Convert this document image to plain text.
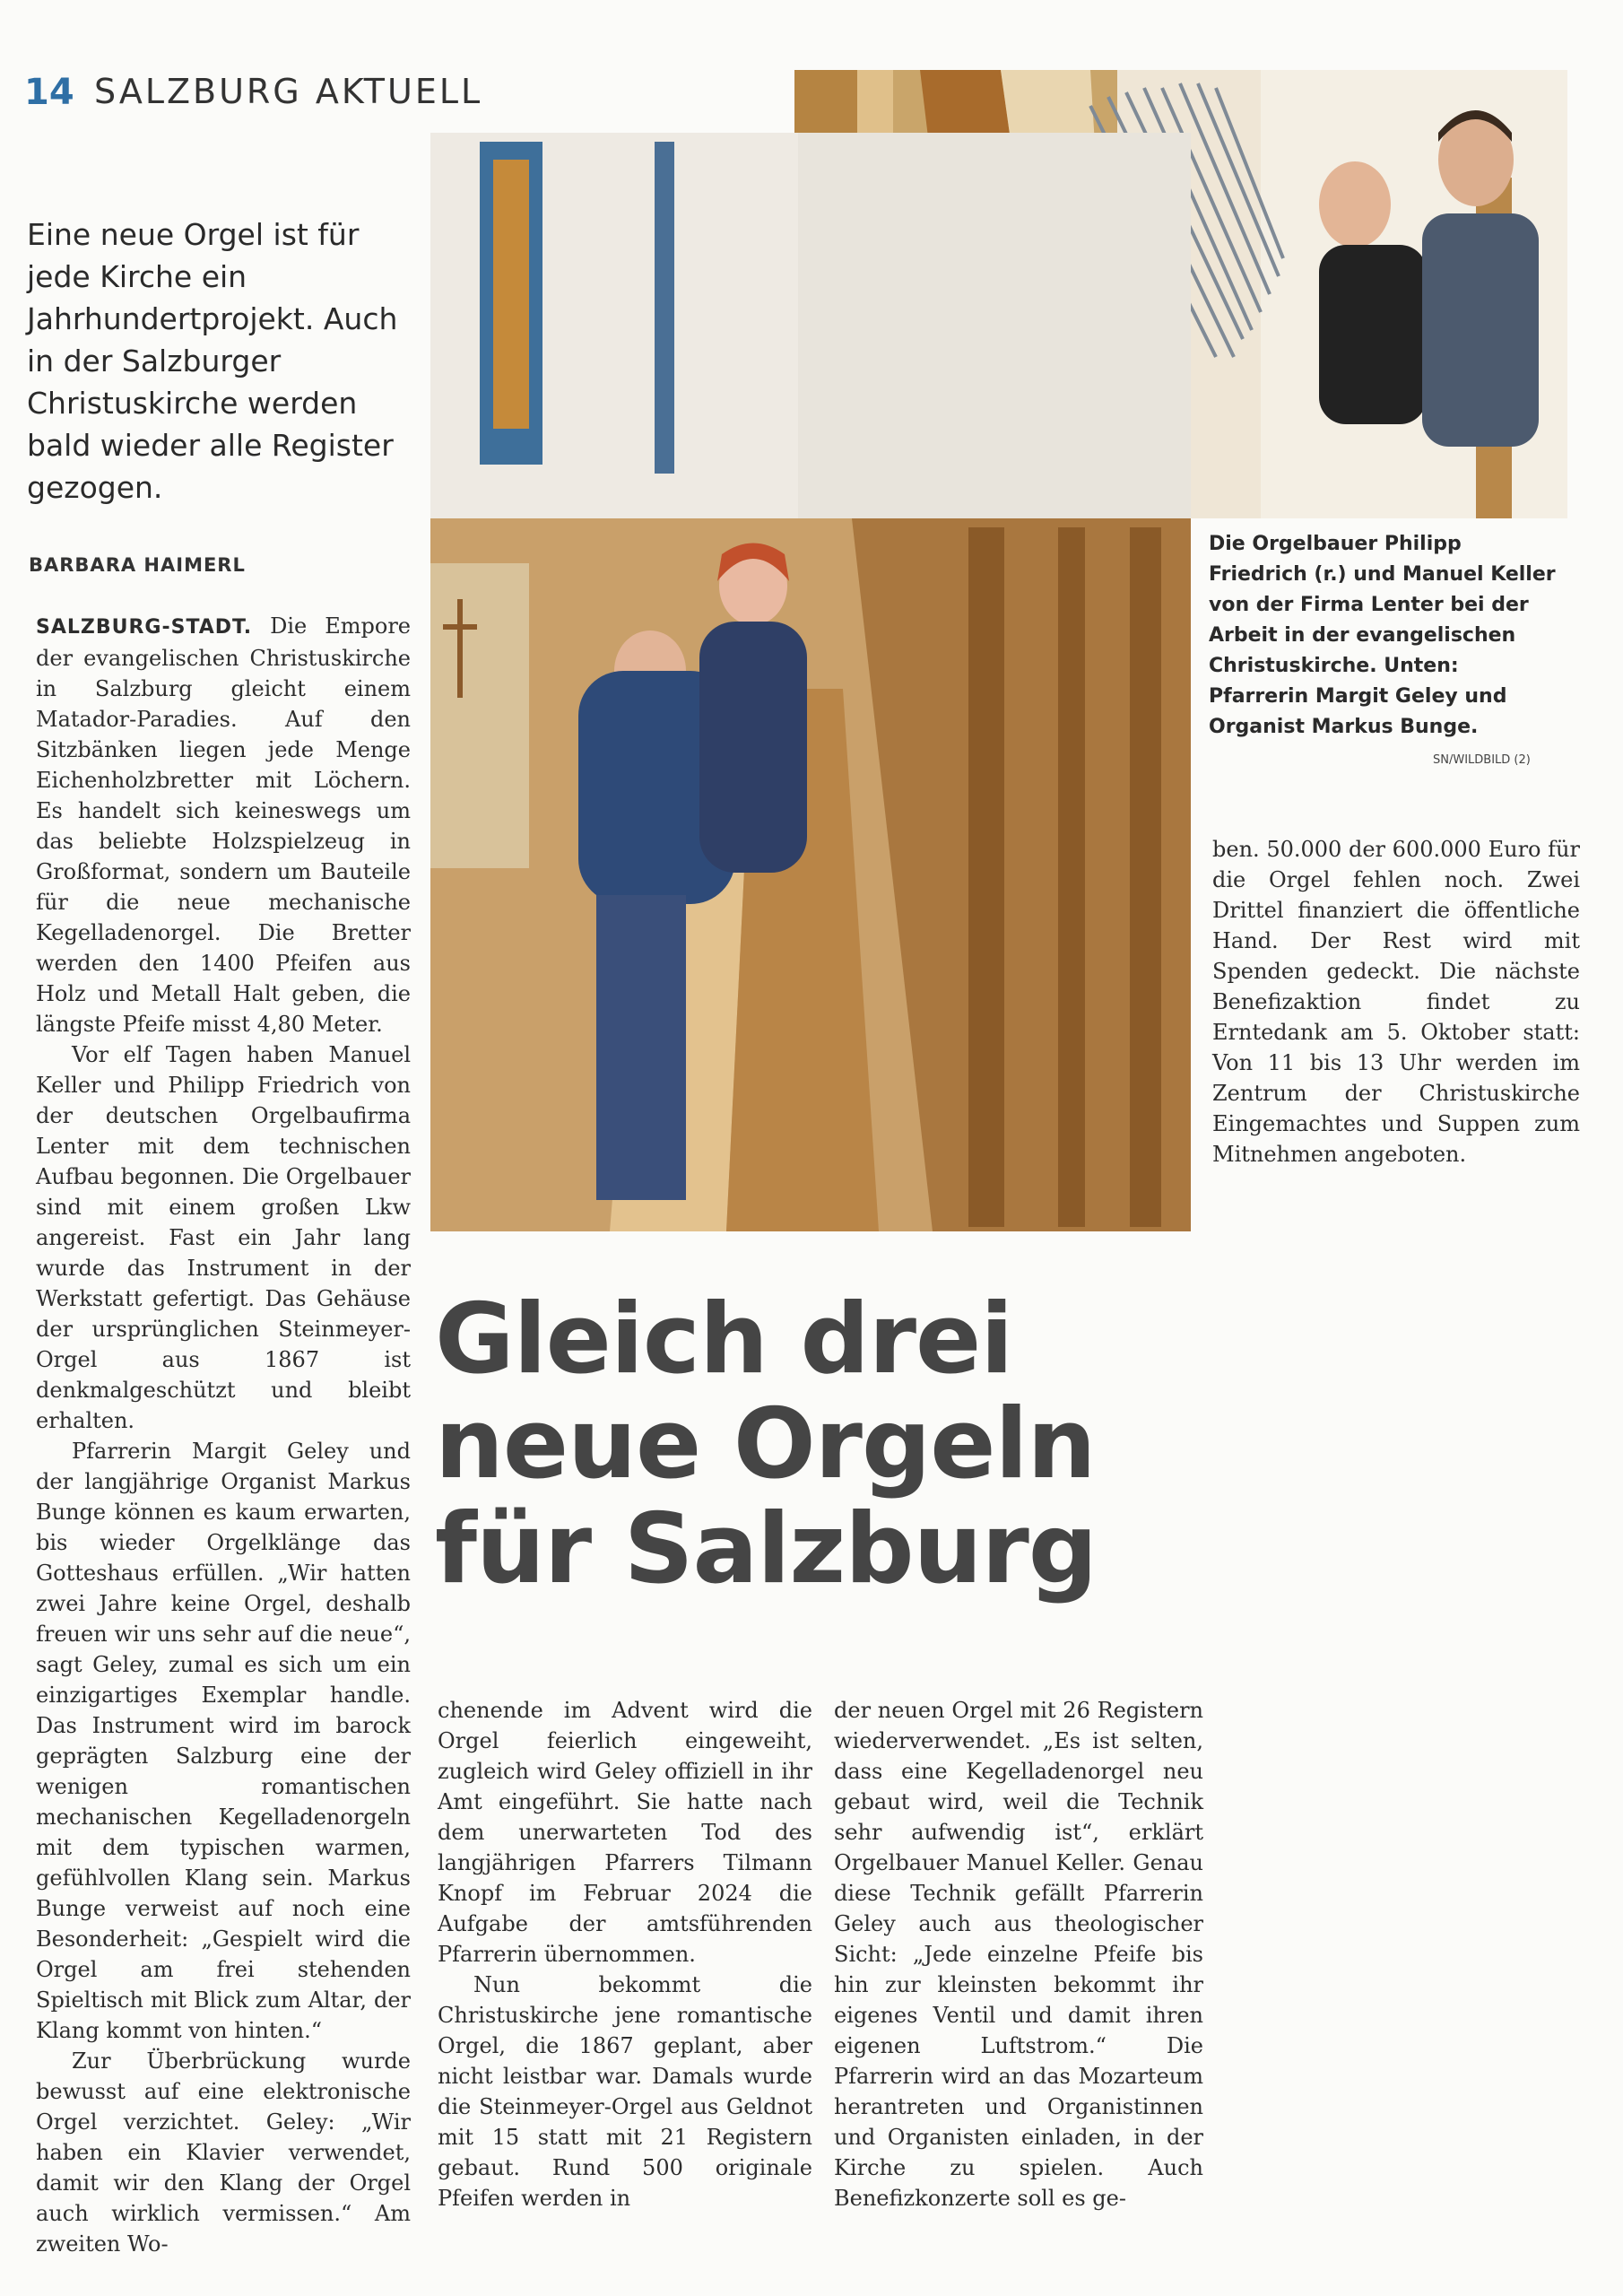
14 SALZBURG AKTUELL
Eine neue Orgel ist für jede Kirche ein Jahrhundertprojekt. Auch in der Salzburger Christuskirche werden bald wieder alle Register gezogen.
BARBARA HAIMERL

SALZBURG-STADT. Die Empore der evangelischen Christuskirche in Salzburg gleicht einem Matador-Paradies. Auf den Sitzbänken liegen jede Menge Eichenholzbretter mit Löchern. Es handelt sich keineswegs um das beliebte Holzspielzeug in Großformat, sondern um Bauteile für die neue mechanische Kegelladenorgel. Die Bretter werden den 1400 Pfeifen aus Holz und Metall Halt geben, die längste Pfeife misst 4,80 Meter.

Vor elf Tagen haben Manuel Keller und Philipp Friedrich von der deutschen Orgelbaufirma Lenter mit dem technischen Aufbau begonnen. Die Orgelbauer sind mit einem großen Lkw angereist. Fast ein Jahr lang wurde das Instrument in der Werkstatt gefertigt. Das Gehäuse der ursprünglichen Steinmeyer-Orgel aus 1867 ist denkmalgeschützt und bleibt erhalten.

Pfarrerin Margit Geley und der langjährige Organist Markus Bunge können es kaum erwarten, bis wieder Orgelklänge das Gotteshaus erfüllen. „Wir hatten zwei Jahre keine Orgel, deshalb freuen wir uns sehr auf die neue“, sagt Geley, zumal es sich um ein einzigartiges Exemplar handle. Das Instrument wird im barock geprägten Salzburg eine der wenigen romantischen mechanischen Kegelladenorgeln mit dem typischen warmen, gefühlvollen Klang sein. Markus Bunge verweist auf noch eine Besonderheit: „Gespielt wird die Orgel am frei stehenden Spieltisch mit Blick zum Altar, der Klang kommt von hinten.“

Zur Überbrückung wurde bewusst auf eine elektronische Orgel verzichtet. Geley: „Wir haben ein Klavier verwendet, damit wir den Klang der Orgel auch wirklich vermissen.“ Am zweiten Wo-

Gleich drei
neue Orgeln
für Salzburg
Die Orgelbauer Philipp Friedrich (r.) und Manuel Keller von der Firma Lenter bei der Arbeit in der evangelischen Christuskirche. Unten: Pfarrerin Margit Geley und Organist Markus Bunge.
SN/WILDBILD (2)

chenende im Advent wird die Orgel feierlich eingeweiht, zugleich wird Geley offiziell in ihr Amt eingeführt. Sie hatte nach dem unerwarteten Tod des langjährigen Pfarrers Tilmann Knopf im Februar 2024 die Aufgabe der amtsführenden Pfarrerin übernommen.

Nun bekommt die Christuskirche jene romantische Orgel, die 1867 geplant, aber nicht leistbar war. Damals wurde die Steinmeyer-Orgel aus Geldnot mit 15 statt mit 21 Registern gebaut. Rund 500 originale Pfeifen werden in

der neuen Orgel mit 26 Registern wiederverwendet. „Es ist selten, dass eine Kegelladenorgel neu gebaut wird, weil die Technik sehr aufwendig ist“, erklärt Orgelbauer Manuel Keller. Genau diese Technik gefällt Pfarrerin Geley auch aus theologischer Sicht: „Jede einzelne Pfeife bis hin zur kleinsten bekommt ihr eigenes Ventil und damit ihren eigenen Luftstrom.“ Die Pfarrerin wird an das Mozarteum herantreten und Organistinnen und Organisten einladen, in der Kirche zu spielen. Auch Benefizkonzerte soll es ge-

ben. 50.000 der 600.000 Euro für die Orgel fehlen noch. Zwei Drittel finanziert die öffentliche Hand. Der Rest wird mit Spenden gedeckt. Die nächste Benefizaktion findet zu Erntedank am 5. Oktober statt: Von 11 bis 13 Uhr werden im Zentrum der Christuskirche Eingemachtes und Suppen zum Mitnehmen angeboten.
